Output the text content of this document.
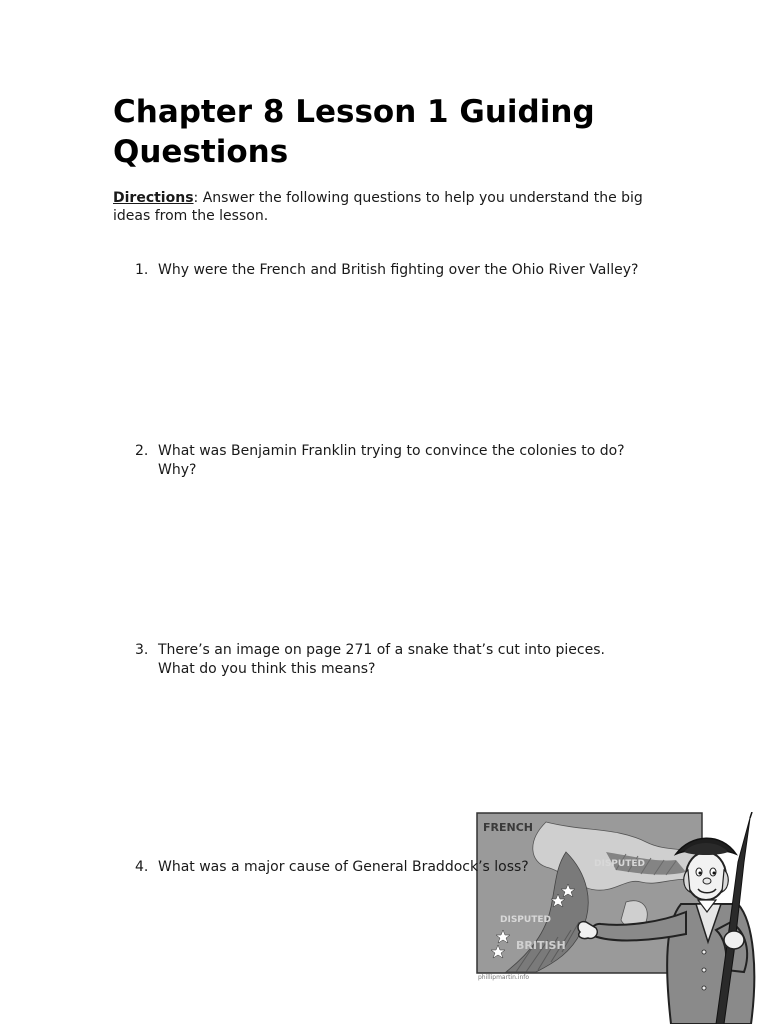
Chapter 8 Lesson 1 Guiding Questions

Directions: Answer the following questions to help you understand the big ideas from the lesson.

1. Why were the French and British fighting over the Ohio River Valley?
2. What was Benjamin Franklin trying to convince the colonies to do? Why?
3. There’s an image on page 271 of a snake that’s cut into pieces. What do you think this means?
FRENCH
DISPUTED
DISPUTED
BRITISH
phillipmartin.info
4. What was a major cause of General Braddock’s loss?
